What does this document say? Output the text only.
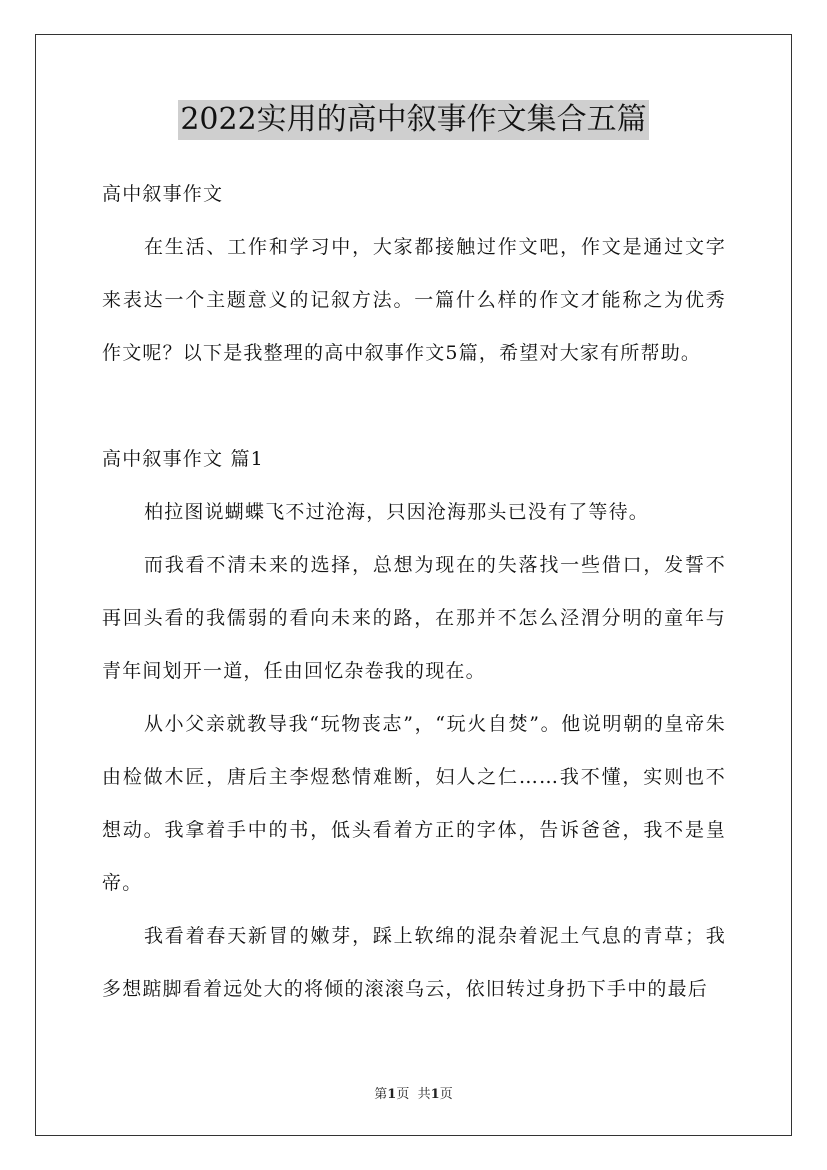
2022实用的高中叙事作文集合五篇

高中叙事作文

在生活、工作和学习中，大家都接触过作文吧，作文是通过文字来表达一个主题意义的记叙方法。一篇什么样的作文才能称之为优秀作文呢？以下是我整理的高中叙事作文5篇，希望对大家有所帮助。

高中叙事作文 篇1

柏拉图说蝴蝶飞不过沧海，只因沧海那头已没有了等待。

而我看不清未来的选择，总想为现在的失落找一些借口，发誓不再回头看的我儒弱的看向未来的路，在那并不怎么泾渭分明的童年与青年间划开一道，任由回忆杂卷我的现在。

从小父亲就教导我“玩物丧志”，“玩火自焚”。他说明朝的皇帝朱由检做木匠，唐后主李煜愁情难断，妇人之仁……我不懂，实则也不想动。我拿着手中的书，低头看着方正的字体，告诉爸爸，我不是皇帝。

我看着春天新冒的嫩芽，踩上软绵的混杂着泥土气息的青草；我多想踮脚看着远处大的将倾的滚滚乌云，依旧转过身扔下手中的最后

第1页 共1页
